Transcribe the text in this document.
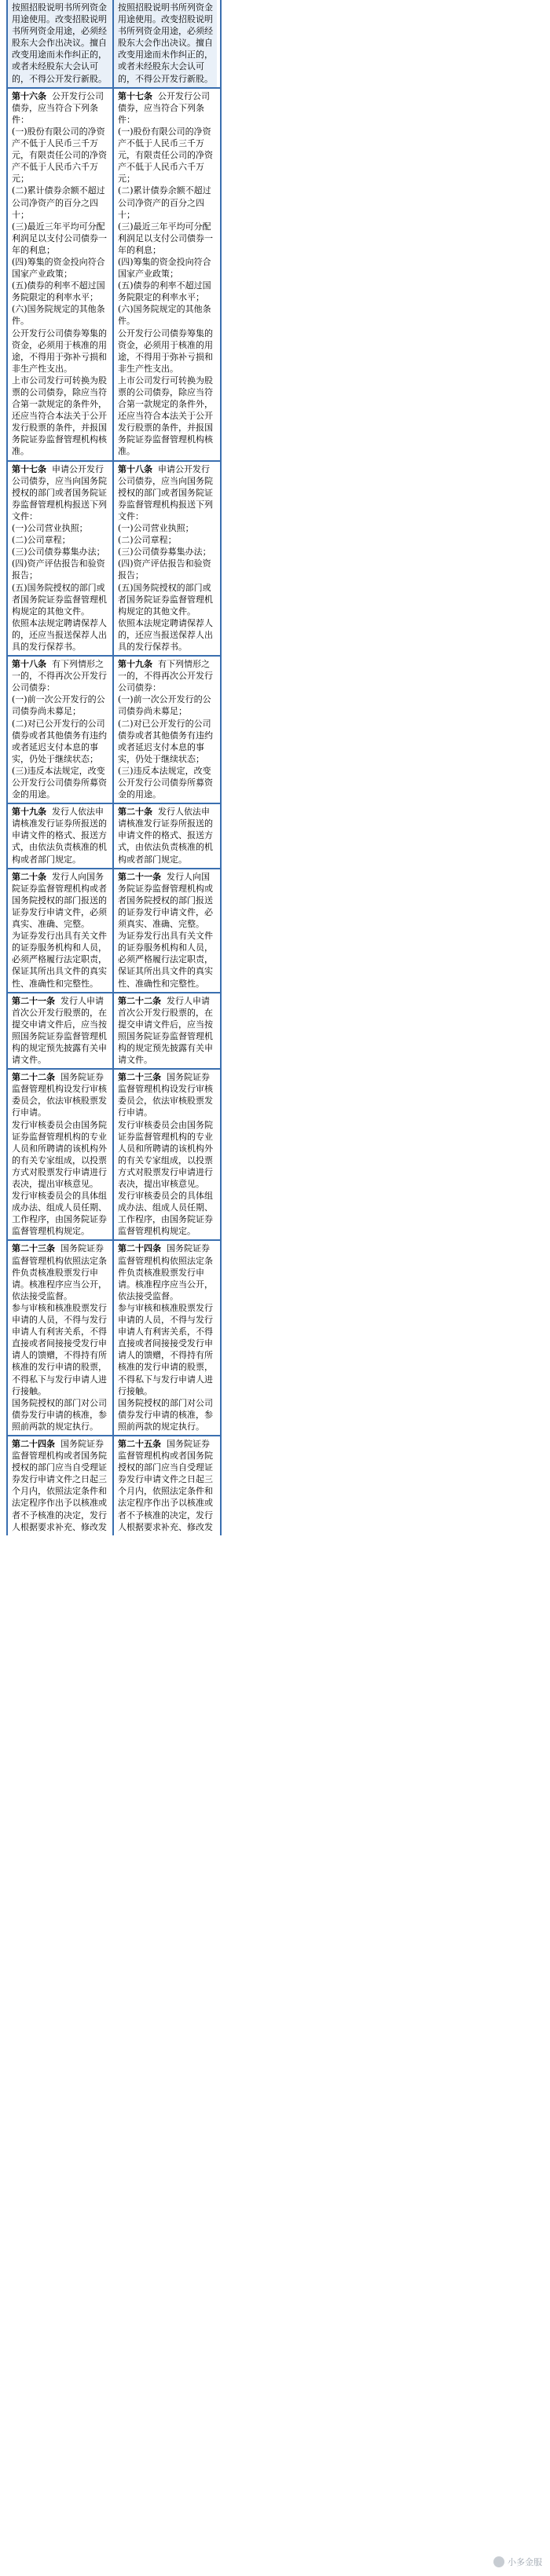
按照招股说明书所列资金用途使用。改变招股说明书所列资金用途，必须经股东大会作出决议。擅自改变用途而未作纠正的，或者未经股东大会认可的，不得公开发行新股。
按照招股说明书所列资金用途使用。改变招股说明书所列资金用途，必须经股东大会作出决议。擅自改变用途而未作纠正的，或者未经股东大会认可的，不得公开发行新股。
第十六条 公开发行公司债券，应当符合下列条件：
(一)股份有限公司的净资产不低于人民币三千万元，有限责任公司的净资产不低于人民币六千万元；
(二)累计债券余额不超过公司净资产的百分之四十；
(三)最近三年平均可分配利润足以支付公司债券一年的利息；
(四)筹集的资金投向符合国家产业政策；
(五)债券的利率不超过国务院限定的利率水平；
(六)国务院规定的其他条件。
公开发行公司债券筹集的资金，必须用于核准的用途，不得用于弥补亏损和非生产性支出。
上市公司发行可转换为股票的公司债券，除应当符合第一款规定的条件外，还应当符合本法关于公开发行股票的条件，并报国务院证券监督管理机构核准。
第十七条 公开发行公司债券，应当符合下列条件：
(一)股份有限公司的净资产不低于人民币三千万元，有限责任公司的净资产不低于人民币六千万元；
(二)累计债券余额不超过公司净资产的百分之四十；
(三)最近三年平均可分配利润足以支付公司债券一年的利息；
(四)筹集的资金投向符合国家产业政策；
(五)债券的利率不超过国务院限定的利率水平；
(六)国务院规定的其他条件。
公开发行公司债券筹集的资金，必须用于核准的用途，不得用于弥补亏损和非生产性支出。
上市公司发行可转换为股票的公司债券，除应当符合第一款规定的条件外，还应当符合本法关于公开发行股票的条件，并报国务院证券监督管理机构核准。
第十七条 申请公开发行公司债券，应当向国务院授权的部门或者国务院证券监督管理机构报送下列文件：
(一)公司营业执照；
(二)公司章程；
(三)公司债券募集办法；
(四)资产评估报告和验资报告；
(五)国务院授权的部门或者国务院证券监督管理机构规定的其他文件。
依照本法规定聘请保荐人的，还应当报送保荐人出具的发行保荐书。
第十八条 申请公开发行公司债券，应当向国务院授权的部门或者国务院证券监督管理机构报送下列文件：
(一)公司营业执照；
(二)公司章程；
(三)公司债券募集办法；
(四)资产评估报告和验资报告；
(五)国务院授权的部门或者国务院证券监督管理机构规定的其他文件。
依照本法规定聘请保荐人的，还应当报送保荐人出具的发行保荐书。
第十八条 有下列情形之一的，不得再次公开发行公司债券：
(一)前一次公开发行的公司债券尚未募足；
(二)对已公开发行的公司债券或者其他债务有违约或者延迟支付本息的事实，仍处于继续状态；
(三)违反本法规定，改变公开发行公司债券所募资金的用途。
第十九条 有下列情形之一的，不得再次公开发行公司债券：
(一)前一次公开发行的公司债券尚未募足；
(二)对已公开发行的公司债券或者其他债务有违约或者延迟支付本息的事实，仍处于继续状态；
(三)违反本法规定，改变公开发行公司债券所募资金的用途。
第十九条 发行人依法申请核准发行证券所报送的申请文件的格式、报送方式，由依法负责核准的机构或者部门规定。
第二十条 发行人依法申请核准发行证券所报送的申请文件的格式、报送方式，由依法负责核准的机构或者部门规定。
第二十条 发行人向国务院证券监督管理机构或者国务院授权的部门报送的证券发行申请文件，必须真实、准确、完整。
为证券发行出具有关文件的证券服务机构和人员，必须严格履行法定职责，保证其所出具文件的真实性、准确性和完整性。
第二十一条 发行人向国务院证券监督管理机构或者国务院授权的部门报送的证券发行申请文件，必须真实、准确、完整。
为证券发行出具有关文件的证券服务机构和人员，必须严格履行法定职责，保证其所出具文件的真实性、准确性和完整性。
第二十一条 发行人申请首次公开发行股票的，在提交申请文件后，应当按照国务院证券监督管理机构的规定预先披露有关申请文件。
第二十二条 发行人申请首次公开发行股票的，在提交申请文件后，应当按照国务院证券监督管理机构的规定预先披露有关申请文件。
第二十二条 国务院证券监督管理机构设发行审核委员会，依法审核股票发行申请。
发行审核委员会由国务院证券监督管理机构的专业人员和所聘请的该机构外的有关专家组成，以投票方式对股票发行申请进行表决，提出审核意见。
发行审核委员会的具体组成办法、组成人员任期、工作程序，由国务院证券监督管理机构规定。
第二十三条 国务院证券监督管理机构设发行审核委员会，依法审核股票发行申请。
发行审核委员会由国务院证券监督管理机构的专业人员和所聘请的该机构外的有关专家组成，以投票方式对股票发行申请进行表决，提出审核意见。
发行审核委员会的具体组成办法、组成人员任期、工作程序，由国务院证券监督管理机构规定。
第二十三条 国务院证券监督管理机构依照法定条件负责核准股票发行申请。核准程序应当公开，依法接受监督。
参与审核和核准股票发行申请的人员，不得与发行申请人有利害关系，不得直接或者间接接受发行申请人的馈赠，不得持有所核准的发行申请的股票，不得私下与发行申请人进行接触。
国务院授权的部门对公司债券发行申请的核准，参照前两款的规定执行。
第二十四条 国务院证券监督管理机构依照法定条件负责核准股票发行申请。核准程序应当公开，依法接受监督。
参与审核和核准股票发行申请的人员，不得与发行申请人有利害关系，不得直接或者间接接受发行申请人的馈赠，不得持有所核准的发行申请的股票，不得私下与发行申请人进行接触。
国务院授权的部门对公司债券发行申请的核准，参照前两款的规定执行。
第二十四条 国务院证券监督管理机构或者国务院授权的部门应当自受理证券发行申请文件之日起三个月内，依照法定条件和法定程序作出予以核准或者不予核准的决定，发行人根据要求补充、修改发
第二十五条 国务院证券监督管理机构或者国务院授权的部门应当自受理证券发行申请文件之日起三个月内，依照法定条件和法定程序作出予以核准或者不予核准的决定，发行人根据要求补充、修改发
小多金服
